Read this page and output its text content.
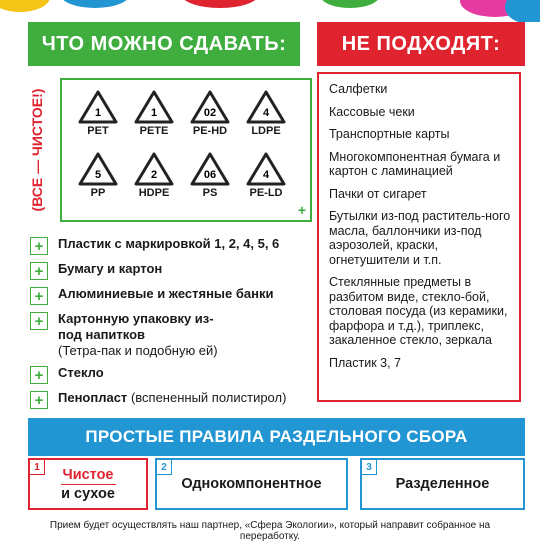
ЧТО МОЖНО СДАВАТЬ:	НЕ ПОДХОДЯТ:
(ВСЕ — ЧИСТОЕ!)	1
PET
1
PETE
02
PE-HD
4
LDPE
5
PP
2
HDPE
06
PS
4
PE-LD
+
+	Пластик с маркировкой 1, 2, 4, 5, 6
+	Бумагу и картон
+	Алюминиевые и жестяные банки
+	Картонную упаковку из-под напитков
(Тетра-пак и подобную ей)
+	Стекло
+	Пенопласт (вспененный полистирол)
Салфетки
Кассовые чеки
Транспортные карты
Многокомпонентная бумага и картон с ламинацией
Пачки от сигарет
Бутылки из-под раститель-ного масла, баллончики из-под аэрозолей, краски, огнетушители и т.п.
Стеклянные предметы в разбитом виде, стекло-бой, столовая посуда (из керамики, фарфора и т.д.), триплекс, закаленное стекло, зеркала
Пластик 3, 7
ПРОСТЫЕ ПРАВИЛА РАЗДЕЛЬНОГО СБОРА
1	Чистое
и сухое
2
Однокомпонентное
3
Разделенное
Прием будет осуществлять наш партнер, «Сфера Экологии», который направит собранное на переработку.
